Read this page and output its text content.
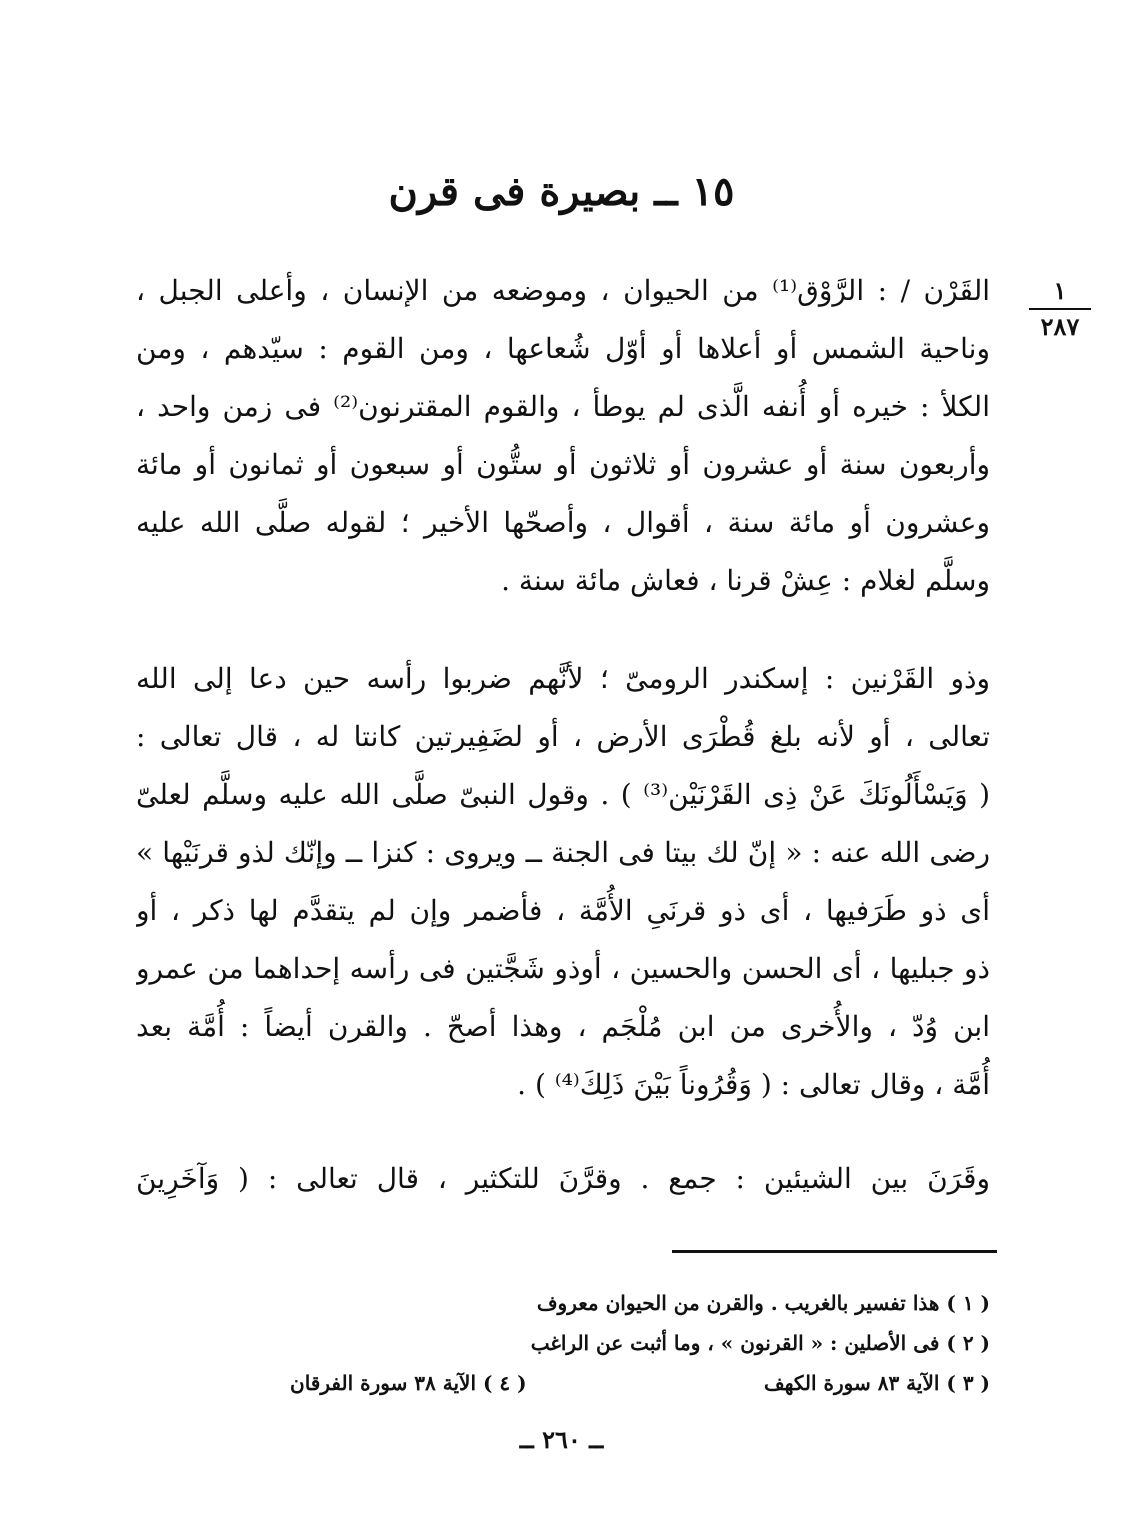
١٥ ــ بصيرة فى قرن
١
٢٨٧
القَرْن / : الرَّوْق⁽¹⁾ من الحيوان ، وموضعه من الإنسان ، وأعلى الجبل ،
وناحية الشمس أو أعلاها أو أوّل شُعاعها ، ومن القوم : سيّدهم ، ومن
الكلأ : خيره أو أُنفه الَّذى لم يوطأ ، والقوم المقترنون⁽²⁾ فى زمن واحد ،
وأربعون سنة أو عشرون أو ثلاثون أو ستُّون أو سبعون أو ثمانون أو مائة
وعشرون أو مائة سنة ، أقوال ، وأصحّها الأخير ؛ لقوله صلَّى الله عليه
وسلَّم لغلام : عِشْ قرنا ، فعاش مائة سنة .
وذو القَرْنين : إسكندر الرومىّ ؛ لأنَّهم ضربوا رأسه حين دعا إلى الله
تعالى ، أو لأنه بلغ قُطْرَى الأرض ، أو لضَفِيرتين كانتا له ، قال تعالى :
( وَيَسْأَلُونَكَ عَنْ ذِى القَرْنَيْن⁽³⁾ ) . وقول النبىّ صلَّى الله عليه وسلَّم لعلىّ
رضى الله عنه : « إنّ لك بيتا فى الجنة ــ ويروى : كنزا ــ وإنّك لذو قرنَيْها »
أى ذو طَرَفيها ، أى ذو قرنَىِ الأُمَّة ، فأضمر وإن لم يتقدَّم لها ذكر ، أو
ذو جبليها ، أى الحسن والحسين ، أوذو شَجَّتين فى رأسه إحداهما من عمرو
ابن وُدّ ، والأُخرى من ابن مُلْجَم ، وهذا أصحّ . والقرن أيضاً : أُمَّة بعد
أُمَّة ، وقال تعالى : ( وَقُرُوناً بَيْنَ ذَلِكَ⁽⁴⁾ ) .
وقَرَنَ بين الشيئين : جمع . وقرَّنَ للتكثير ، قال تعالى : ( وَآخَرِينَ
( ١ ) هذا تفسير بالغريب . والقرن من الحيوان معروف
( ٢ ) فى الأصلين : « القرنون » ، وما أثبت عن الراغب
( ٣ ) الآية ٨٣ سورة الكهف
( ٤ ) الآية ٣٨ سورة الفرقان
ــ ٢٦٠ ــ
